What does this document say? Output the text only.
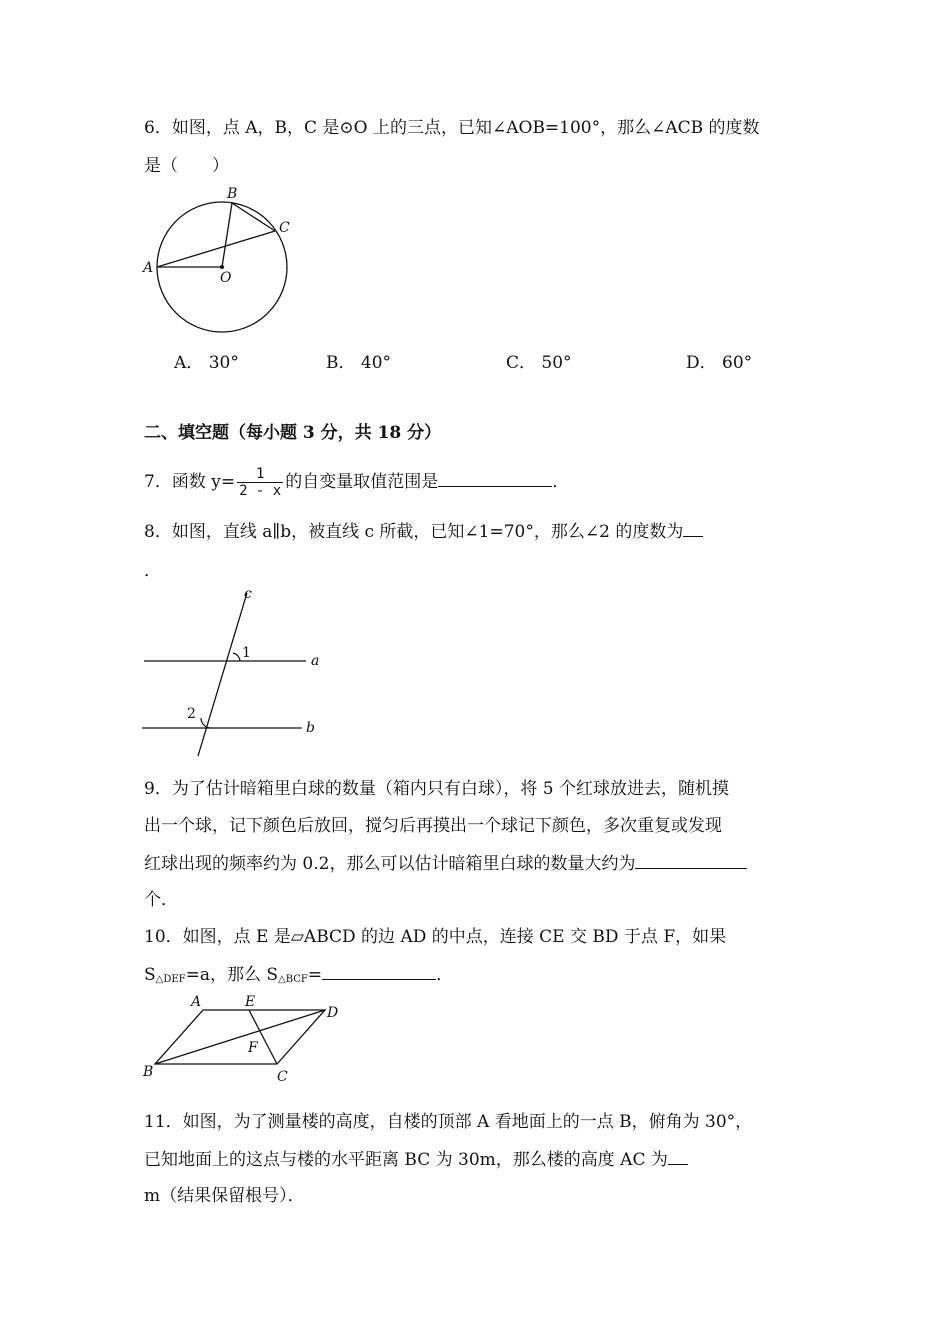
6．如图，点 A，B，C 是⊙O 上的三点，已知∠AOB=100°，那么∠ACB 的度数
是（　　）
A
B
C
O
A． 30°	B． 40°	C． 50°	D． 60°
二、填空题（每小题 3 分，共 18 分）
7．函数 $y= \frac{1}{2 - x}$ 的自变量取值范围是	．
8．如图，直线 a∥b，被直线 c 所截，已知∠1=70°，那么∠2 的度数为
．
c
a
b
1
2
9．为了估计暗箱里白球的数量（箱内只有白球），将 5 个红球放进去，随机摸
出一个球，记下颜色后放回，搅匀后再摸出一个球记下颜色，多次重复或发现
红球出现的频率约为 0.2，那么可以估计暗箱里白球的数量大约为
个．
10．如图，点 E 是▱ABCD 的边 AD 的中点，连接 CE 交 BD 于点 F，如果
$S_{\triangle DEF}=a$，那么 $S_{\triangle BCF}=$	．
A	E
D
F
B	C
11．如图，为了测量楼的高度，自楼的顶部 A 看地面上的一点 B，俯角为 30°，
已知地面上的这点与楼的水平距离 BC 为 30m，那么楼的高度 AC 为
m（结果保留根号）．
